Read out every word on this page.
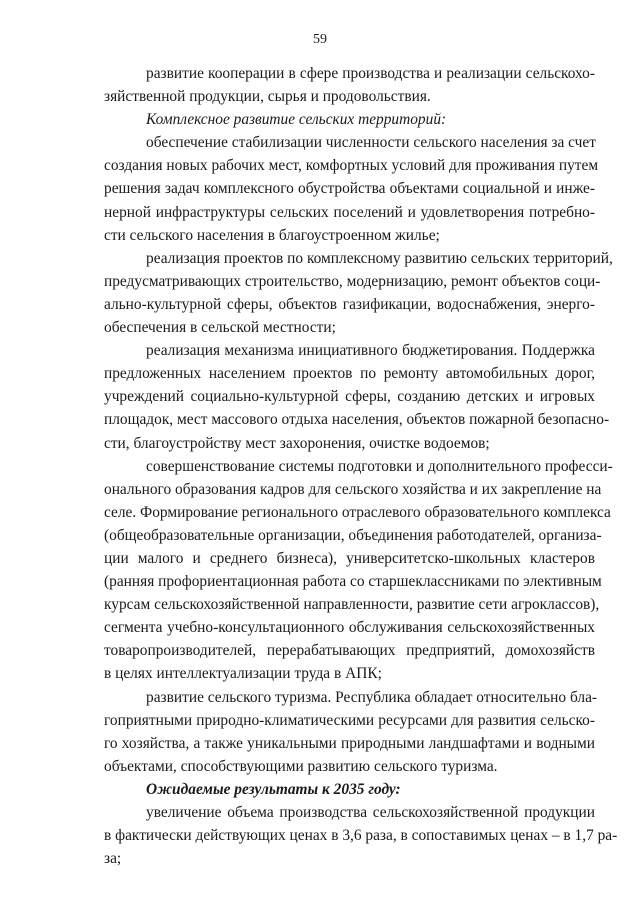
59
развитие кооперации в сфере производства и реализации сельскохо-
зяйственной продукции, сырья и продовольствия.
Комплексное развитие сельских территорий:
обеспечение стабилизации численности сельского населения за счет
создания новых рабочих мест, комфортных условий для проживания путем
решения задач комплексного обустройства объектами социальной и инже-
нерной инфраструктуры сельских поселений и удовлетворения потребно-
сти сельского населения в благоустроенном жилье;
реализация проектов по комплексному развитию сельских территорий,
предусматривающих строительство, модернизацию, ремонт объектов соци-
ально-культурной сферы, объектов газификации, водоснабжения, энерго-
обеспечения в сельской местности;
реализация механизма инициативного бюджетирования. Поддержка
предложенных населением проектов по ремонту автомобильных дорог,
учреждений социально-культурной сферы, созданию детских и игровых
площадок, мест массового отдыха населения, объектов пожарной безопасно-
сти, благоустройству мест захоронения, очистке водоемов;
совершенствование системы подготовки и дополнительного професси-
онального образования кадров для сельского хозяйства и их закрепление на
селе. Формирование регионального отраслевого образовательного комплекса
(общеобразовательные организации, объединения работодателей, организа-
ции малого и среднего бизнеса), университетско-школьных кластеров
(ранняя профориентационная работа со старшеклассниками по элективным
курсам сельскохозяйственной направленности, развитие сети агроклассов),
сегмента учебно-консультационного обслуживания сельскохозяйственных
товаропроизводителей, перерабатывающих предприятий, домохозяйств
в целях интеллектуализации труда в АПК;
развитие сельского туризма. Республика обладает относительно бла-
гоприятными природно-климатическими ресурсами для развития сельско-
го хозяйства, а также уникальными природными ландшафтами и водными
объектами, способствующими развитию сельского туризма.
Ожидаемые результаты к 2035 году:
увеличение объема производства сельскохозяйственной продукции
в фактически действующих ценах в 3,6 раза, в сопоставимых ценах – в 1,7 ра-
за;
